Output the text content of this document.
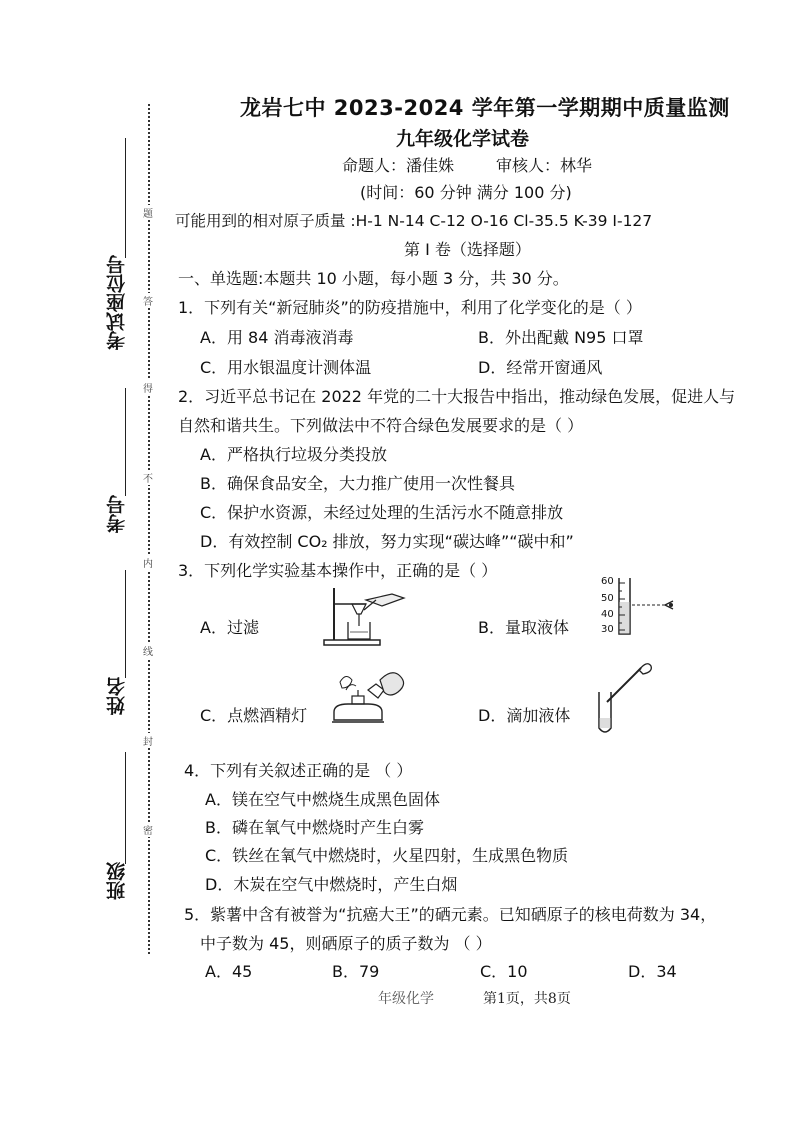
题
答
得
不
内
线
封
密
考试座位号
考号
姓名
班级
龙岩七中 2023-2024 学年第一学期期中质量监测
九年级化学试卷
命题人：潘佳姝	审核人：林华
(时间：60 分钟 满分 100 分)
可能用到的相对原子质量 :H-1 N-14 C-12 O-16 Cl-35.5 K-39 I-127
第 I 卷（选择题）
一、单选题:本题共 10 小题，每小题 3 分，共 30 分。
1．下列有关“新冠肺炎”的防疫措施中，利用了化学变化的是（ ）
A．用 84 消毒液消毒	B．外出配戴 N95 口罩
C．用水银温度计测体温	D．经常开窗通风
2．习近平总书记在 2022 年党的二十大报告中指出，推动绿色发展，促进人与
自然和谐共生。下列做法中不符合绿色发展要求的是（ ）
A．严格执行垃圾分类投放
B．确保食品安全，大力推广使用一次性餐具
C．保护水资源，未经过处理的生活污水不随意排放
D．有效控制 CO₂ 排放，努力实现“碳达峰”“碳中和”
3．下列化学实验基本操作中，正确的是（ ）
A．过滤	B．量取液体
60
50
40
30
C．点燃酒精灯	D．滴加液体
4．下列有关叙述正确的是 （ ）
A．镁在空气中燃烧生成黑色固体
B．磷在氧气中燃烧时产生白雾
C．铁丝在氧气中燃烧时，火星四射，生成黑色物质
D．木炭在空气中燃烧时，产生白烟
5．紫薯中含有被誉为“抗癌大王”的硒元素。已知硒原子的核电荷数为 34，
中子数为 45，则硒原子的质子数为 （ ）
A．45	B．79	C．10	D．34
年级化学	第1页，共8页
